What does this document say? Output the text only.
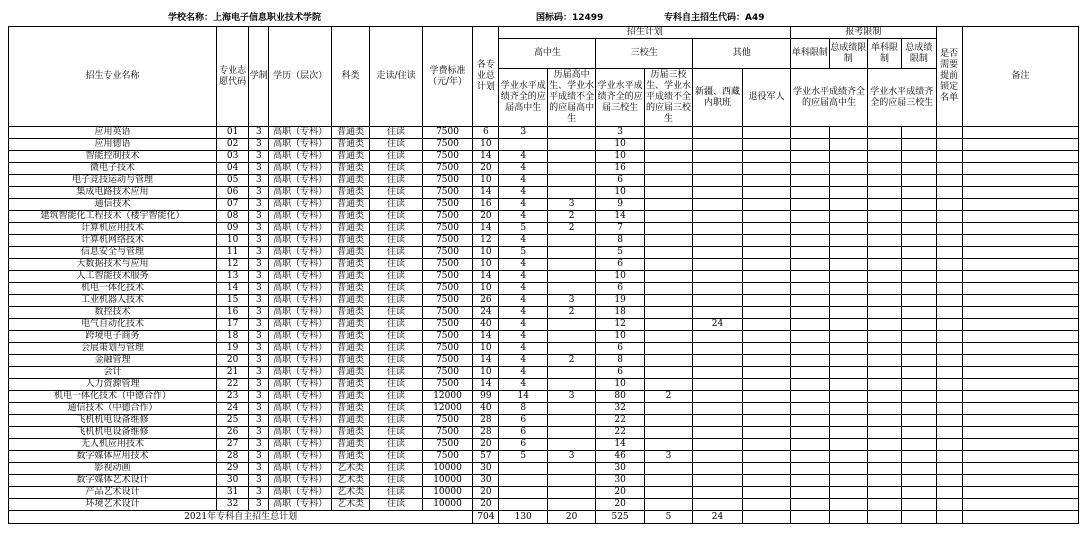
学校名称：上海电子信息职业技术学院	国标码：12499	专科自主招生代码：A49
招生专业名称	专业志愿代码	学制	学历（层次）	科类	走读/住读	学费标准（元/年）	各专业总计划	招生计划						报考限制				是否需要提前锁定名单	备注
								高中生		三校生		其他		单科限制	总成绩限制	单科限制	总成绩限制		
								学业水平成绩齐全的应届高中生	历届高中生、学业水平成绩不全的应届高中生	学业水平成绩齐全的应届三校生	历届三校生、学业水平成绩不全的应届三校生	新疆、西藏内职班	退役军人	学业水平成绩齐全的应届高中生		学业水平成绩齐全的应届三校生			

应用英语	01	3	高职（专科）	普通类	住读	7500	6	3		3									
应用德语	02	3	高职（专科）	普通类	住读	7500	10			10									
智能控制技术	03	3	高职（专科）	普通类	住读	7500	14	4		10									
微电子技术	04	3	高职（专科）	普通类	住读	7500	20	4		16									
电子竞技运动与管理	05	3	高职（专科）	普通类	住读	7500	10	4		6									
集成电路技术应用	06	3	高职（专科）	普通类	住读	7500	14	4		10									
通信技术	07	3	高职（专科）	普通类	住读	7500	16	4	3	9									
建筑智能化工程技术（楼宇智能化）	08	3	高职（专科）	普通类	住读	7500	20	4	2	14									
计算机应用技术	09	3	高职（专科）	普通类	住读	7500	14	5	2	7									
计算机网络技术	10	3	高职（专科）	普通类	住读	7500	12	4		8									
信息安全与管理	11	3	高职（专科）	普通类	住读	7500	10	5		5									
大数据技术与应用	12	3	高职（专科）	普通类	住读	7500	10	4		6									
人工智能技术服务	13	3	高职（专科）	普通类	住读	7500	14	4		10									
机电一体化技术	14	3	高职（专科）	普通类	住读	7500	10	4		6									
工业机器人技术	15	3	高职（专科）	普通类	住读	7500	26	4	3	19									
数控技术	16	3	高职（专科）	普通类	住读	7500	24	4	2	18									
电气自动化技术	17	3	高职（专科）	普通类	住读	7500	40	4		12		24							
跨境电子商务	18	3	高职（专科）	普通类	住读	7500	14	4		10									
会展策划与管理	19	3	高职（专科）	普通类	住读	7500	10	4		6									
金融管理	20	3	高职（专科）	普通类	住读	7500	14	4	2	8									
会计	21	3	高职（专科）	普通类	住读	7500	10	4		6									
人力资源管理	22	3	高职（专科）	普通类	住读	7500	14	4		10									
机电一体化技术（中德合作）	23	3	高职（专科）	普通类	住读	12000	99	14	3	80	2								
通信技术（中德合作）	24	3	高职（专科）	普通类	住读	12000	40	8		32									
飞机机电设备维修	25	3	高职（专科）	普通类	住读	7500	28	6		22									
飞机机电设备维修	26	3	高职（专科）	普通类	住读	7500	28	6		22									
无人机应用技术	27	3	高职（专科）	普通类	住读	7500	20	6		14									
数字媒体应用技术	28	3	高职（专科）	普通类	住读	7500	57	5	3	46	3								
影视动画	29	3	高职（专科）	艺术类	住读	10000	30			30									
数字媒体艺术设计	30	3	高职（专科）	艺术类	住读	10000	30			30									
产品艺术设计	31	3	高职（专科）	艺术类	住读	10000	20			20									
环境艺术设计	32	3	高职（专科）	艺术类	住读	10000	20			20									
2021年专科自主招生总计划							704	130	20	525	5	24							
